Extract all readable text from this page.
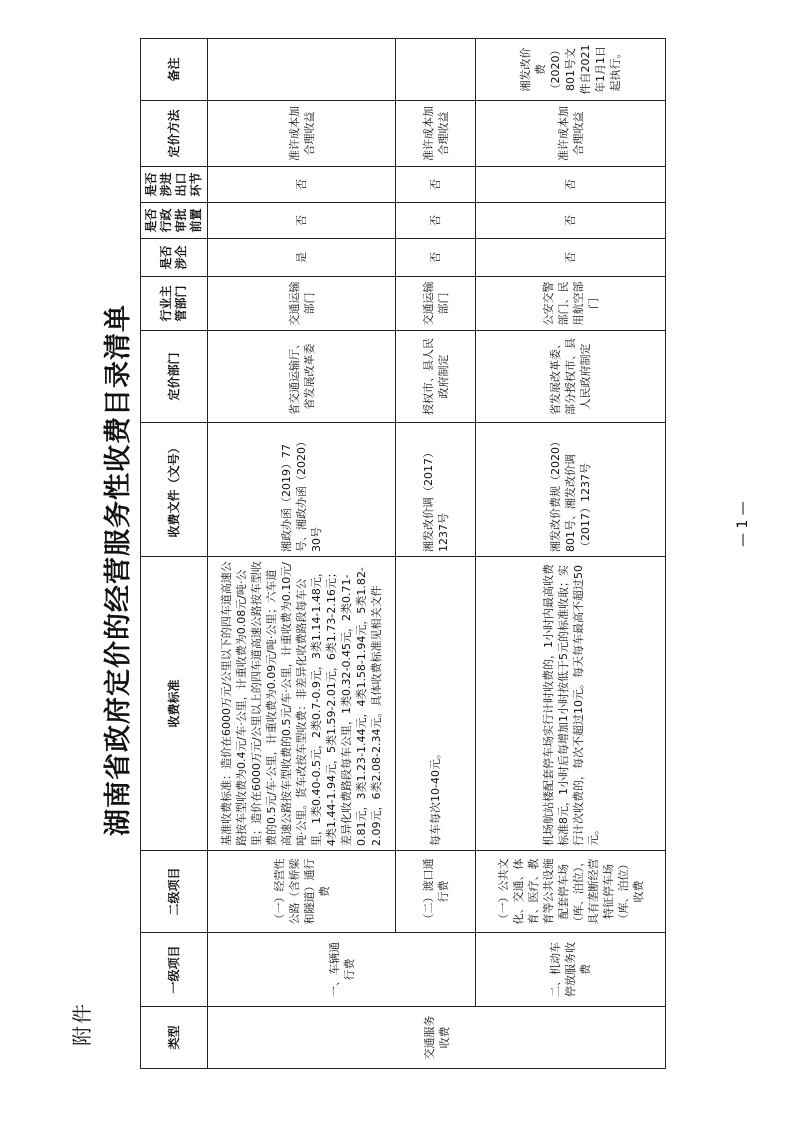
附件
— 1 —
湖南省政府定价的经营服务性收费目录清单
类型	一级项目	二级项目	收费标准	收费文件（文号）	定价部门	行业主管部门	是否涉企	是否行政审批前置	是否涉进出口环节	定价方法	备注
交通服务收费	一、车辆通行费	（一）经营性公路（含桥梁和隧道）通行费	基准收费标准：造价在6000万元/公里以下的四车道高速公路按车型收费为0.4元/车·公里，计重收费为0.08元/吨·公里；造价在6000万元/公里以上的四车道高速公路按车型收费的0.5元/车·公里，计重收费为0.09元/吨·公里；六车道高速公路按车型收费的0.5元/车·公里，计重收费为0.10元/吨·公里。货车改按车型收费：非差异化收费路段每车公里，1类0.40-0.5元，2类0.7-0.9元，3类1.14-1.48元，4类1.44-1.94元，5类1.59-2.01元，6类1.73-2.16元；差异化收费路段每车公里，1类0.32-0.45元，2类0.71-0.81元，3类1.23-1.44元，4类1.58-1.94元，5类1.82-2.09元，6类2.08-2.34元。具体收费标准见相关文件	湘政办函（2019）77号、湘政办函（2020）30号	省交通运输厅、省发展改革委	交通运输部门	是	否	否	准许成本加合理收益	
		（二）渡口通行费	每车每次10-40元。	湘发改价调（2017）1237号	授权市、县人民政府制定	交通运输部门	否	否	否	准许成本加合理收益	
	二、机动车停放服务收费	（一）公共文化、交通、体育、医疗、教育等公共设施配套停车场（库、泊位），具有垄断经营特征停车场（库、泊位）收费	机场航站楼配套停车场实行计时收费的，1小时内最高收费标准8元，1小时后每增加1小时按低于5元的标准收取；实行计次收费的，每次不超过10元。每天每车最高不超过50元。	湘发改价费规（2020）801号、湘发改价调（2017）1237号	省发展改革委、部分授权市、县人民政府制定	公安交警部门、民用航空部门	否	否	否	准许成本加合理收益	湘发改价费（2020）801号文件自2021年1月1日起执行。
